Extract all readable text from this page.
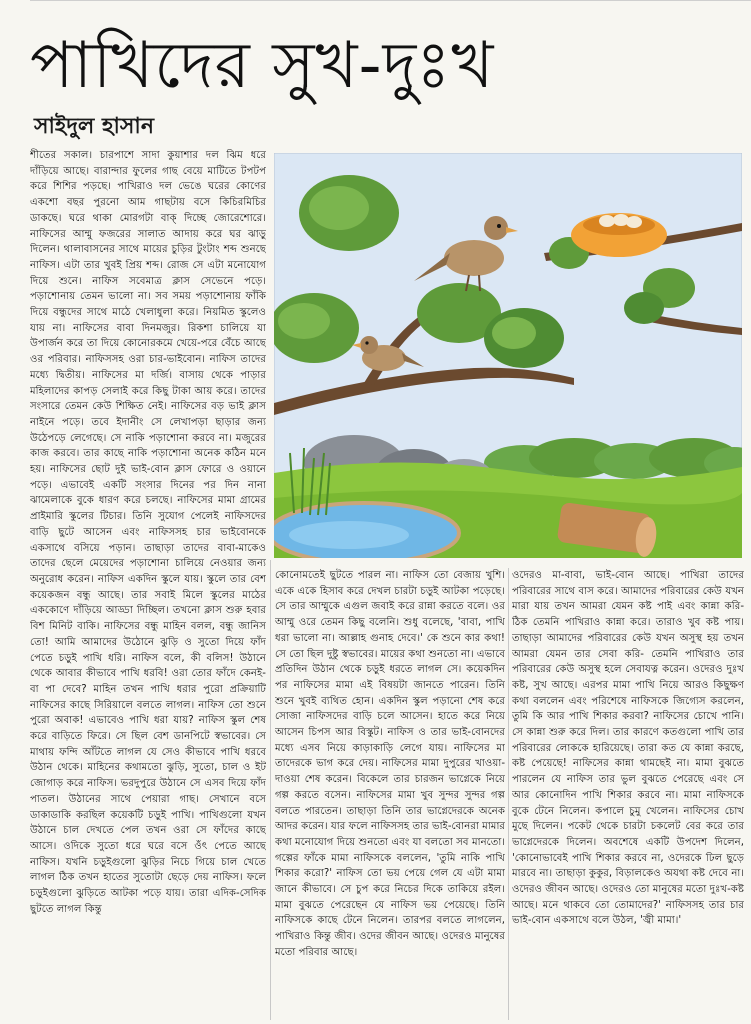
পাখিদের সুখ-দুঃখ
সাইদুল হাসান

শীতের সকাল। চারপাশে সাদা কুয়াশার দল ঝিম ধরে দাঁড়িয়ে আছে। বারান্দার ফুলের গাছ বেয়ে মাটিতে টপটপ করে শিশির পড়ছে। পাখিরাও দল ভেঙে ঘরের কোণের একশো বছর পুরনো আম গাছটায় বসে কিচিরমিচির ডাকছে। ঘরে থাকা মোরগটা বাক্ দিচ্ছে জোরেশোরে। নাফিসের আম্মু ফজরের সালাত আদায় করে ঘর ঝাড়ু দিলেন। থালাবাসনের সাথে মায়ের চুড়ির টুংটাং শব্দ শুনছে নাফিস। এটা তার খুবই প্রিয় শব্দ। রোজ সে এটা মনোযোগ দিয়ে শুনে। নাফিস সবেমাত্র ক্লাস সেভেনে পড়ে। পড়াশোনায় তেমন ভালো না। সব সময় পড়াশোনায় ফাঁকি দিয়ে বন্ধুদের সাথে মাঠে খেলাধুলা করে। নিয়মিত স্কুলেও যায় না। নাফিসের বাবা দিনমজুর। রিকশা চালিয়ে যা উপার্জন করে তা দিয়ে কোনোরকমে খেয়ে-পরে বেঁচে আছে ওর পরিবার। নাফিসসহ ওরা চার-ভাইবোন। নাফিস তাদের মধ্যে দ্বিতীয়। নাফিসের মা দর্জি। বাসায় থেকে পাড়ার মহিলাদের কাপড় সেলাই করে কিছু টাকা আয় করে। তাদের সংসারে তেমন কেউ শিক্ষিত নেই। নাফিসের বড় ভাই ক্লাস নাইনে পড়ে। তবে ইদানীং সে লেখাপড়া ছাড়ার জন্য উঠেপড়ে লেগেছে। সে নাকি পড়াশোনা করবে না। মজুরের কাজ করবে। তার কাছে নাকি পড়াশোনা অনেক কঠিন মনে হয়। নাফিসের ছোট দুই ভাই-বোন ক্লাস ফোরে ও ওয়ানে পড়ে। এভাবেই একটি সংসার দিনের পর দিন নানা ঝামেলাকে বুকে ধারণ করে চলছে। নাফিসের মামা গ্রামের প্রাইমারি স্কুলের টিচার। তিনি সুযোগ পেলেই নাফিসদের বাড়ি ছুটে আসেন এবং নাফিসসহ চার ভাইবোনকে একসাথে বসিয়ে পড়ান। তাছাড়া তাদের বাবা-মাকেও তাদের ছেলে মেয়েদের পড়াশোনা চালিয়ে নেওয়ার জন্য অনুরোধ করেন। নাফিস একদিন স্কুলে যায়। স্কুলে তার বেশ কয়েকজন বন্ধু আছে। তার সবাই মিলে স্কুলের মাঠের এককোণে দাঁড়িয়ে আড্ডা দিচ্ছিল। তখনো ক্লাস শুরু হবার বিশ মিনিট বাকি। নাফিসের বন্ধু মাহিন বলল, বন্ধু জানিস তো! আমি আমাদের উঠোনে ঝুড়ি ও সুতো দিয়ে ফাঁদ পেতে চড়ুই পাখি ধরি। নাফিস বলে, কী বলিস! উঠানে থেকে আবার কীভাবে পাখি ধরবি! ওরা তোর ফাঁদে কেনই-বা পা দেবে? মাহিন তখন পাখি ধরার পুরো প্রক্রিয়াটি নাফিসের কাছে সিরিয়ালে বলতে লাগল। নাফিস তো শুনে পুরো অবাক! এভাবেও পাখি ধরা যায়? নাফিস স্কুল শেষ করে বাড়িতে ফিরে। সে ছিল বেশ ডানপিটে স্বভাবের। সে মাথায় ফন্দি আঁটতে লাগল যে সেও কীভাবে পাখি ধরবে উঠান থেকে। মাহিনের কথামতো ঝুড়ি, সুতো, চাল ও ইট জোগাড় করে নাফিস। ভরদুপুরে উঠানে সে এসব দিয়ে ফাঁদ পাতল। উঠানের সাথে পেয়ারা গাছ। সেখানে বসে ডাকাডাকি করছিল কয়েকটি চড়ুই পাখি। পাখিগুলো যখন উঠানে চাল দেখতে পেল তখন ওরা সে ফাঁদের কাছে আসে। ওদিকে সুতো ধরে ঘরে বসে ওঁৎ পেতে আছে নাফিস। যখনি চড়ুইগুলো ঝুড়ির নিচে গিয়ে চাল খেতে লাগল ঠিক তখন হাতের সুতোটা ছেড়ে দেয় নাফিস। ফলে চড়ুইগুলো ঝুড়িতে আটকা পড়ে যায়। তারা এদিক-সেদিক ছুটতে লাগল কিন্তু

কোনোমতেই ছুটতে পারল না। নাফিস তো বেজায় খুশি। একে একে হিসাব করে দেখল চারটা চড়ুই আটকা পড়েছে। সে তার আম্মুকে এগুল জবাই করে রান্না করতে বলে। ওর আম্মু ওরে তেমন কিছু বলেনি। শুধু বলেছে, 'বাবা, পাখি ধরা ভালো না। আল্লাহ গুনাহ দেবে।' কে শুনে কার কথা! সে তো ছিল দুষ্টু স্বভাবের। মায়ের কথা শুনতো না। এভাবে প্রতিদিন উঠান থেকে চড়ুই ধরতে লাগল সে। কয়েকদিন পর নাফিসের মামা এই বিষয়টা জানতে পারেন। তিনি শুনে খুবই ব্যথিত হোন। একদিন স্কুল পড়ানো শেষ করে সোজা নাফিসদের বাড়ি চলে আসেন। হাতে করে নিয়ে আসেন চিপস আর বিস্কুট। নাফিস ও তার ভাই-বোনদের মধ্যে এসব নিয়ে কাড়াকাড়ি লেগে যায়। নাফিসের মা তাদেরকে ভাগ করে দেয়। নাফিসের মামা দুপুরের খাওয়া-দাওয়া শেষ করেন। বিকেলে তার চারজন ভাগ্নেকে নিয়ে গল্প করতে বসেন। নাফিসের মামা খুব সুন্দর সুন্দর গল্প বলতে পারতেন। তাছাড়া তিনি তার ভাগ্নেদেরকে অনেক আদর করেন। যার ফলে নাফিসসহ তার ভাই-বোনরা মামার কথা মনোযোগ দিয়ে শুনতো এবং যা বলতো সব মানতো। গল্পের ফাঁকে মামা নাফিসকে বললেন, 'তুমি নাকি পাখি শিকার করো?' নাফিস তো ভয় পেয়ে গেল যে এটা মামা জানে কীভাবে। সে চুপ করে নিচের দিকে তাকিয়ে রইল। মামা বুঝতে পেরেছেন যে নাফিস ভয় পেয়েছে। তিনি নাফিসকে কাছে টেনে নিলেন। তারপর বলতে লাগলেন, পাখিরাও কিন্তু জীব। ওদের জীবন আছে। ওদেরও মানুষের মতো পরিবার আছে।

ওদেরও মা-বাবা, ভাই-বোন আছে। পাখিরা তাদের পরিবারের সাথে বাস করে। আমাদের পরিবারের কেউ যখন মারা যায় তখন আমরা যেমন কষ্ট পাই এবং কান্না করি- ঠিক তেমনি পাখিরাও কান্না করে। তারাও খুব কষ্ট পায়। তাছাড়া আমাদের পরিবারের কেউ যখন অসুস্থ হয় তখন আমরা যেমন তার সেবা করি- তেমনি পাখিরাও তার পরিবারের কেউ অসুস্থ হলে সেবাযত্ন করেন। ওদেরও দুঃখ কষ্ট, সুখ আছে। এরপর মামা পাখি নিয়ে আরও কিছুক্ষণ কথা বললেন এবং পরিশেষে নাফিসকে জিগ্যেস করলেন, তুমি কি আর পাখি শিকার করবা? নাফিসের চোখে পানি। সে কান্না শুরু করে দিল। তার কারণে কতগুলো পাখি তার পরিবারের লোককে হারিয়েছে। তারা কত যে কান্না করছে, কষ্ট পেয়েছে! নাফিসের কান্না থামছেই না। মামা বুঝতে পারলেন যে নাফিস তার ভুল বুঝতে পেরেছে এবং সে আর কোনোদিন পাখি শিকার করবে না। মামা নাফিসকে বুকে টেনে নিলেন। কপালে চুমু খেলেন। নাফিসের চোখ মুছে দিলেন। পকেট থেকে চারটা চকলেট বের করে তার ভাগ্নেদেরকে দিলেন। অবশেষে একটি উপদেশ দিলেন, 'কোনোভাবেই পাখি শিকার করবে না, ওদেরকে ঢিল ছুড়ে মারবে না। তাছাড়া কুকুর, বিড়ালকেও অযথা কষ্ট দেবে না। ওদেরও জীবন আছে। ওদেরও তো মানুষের মতো দুঃখ-কষ্ট আছে। মনে থাকবে তো তোমাদের?' নাফিসসহ তার চার ভাই-বোন একসাথে বলে উঠল, 'জ্বী মামা।'
